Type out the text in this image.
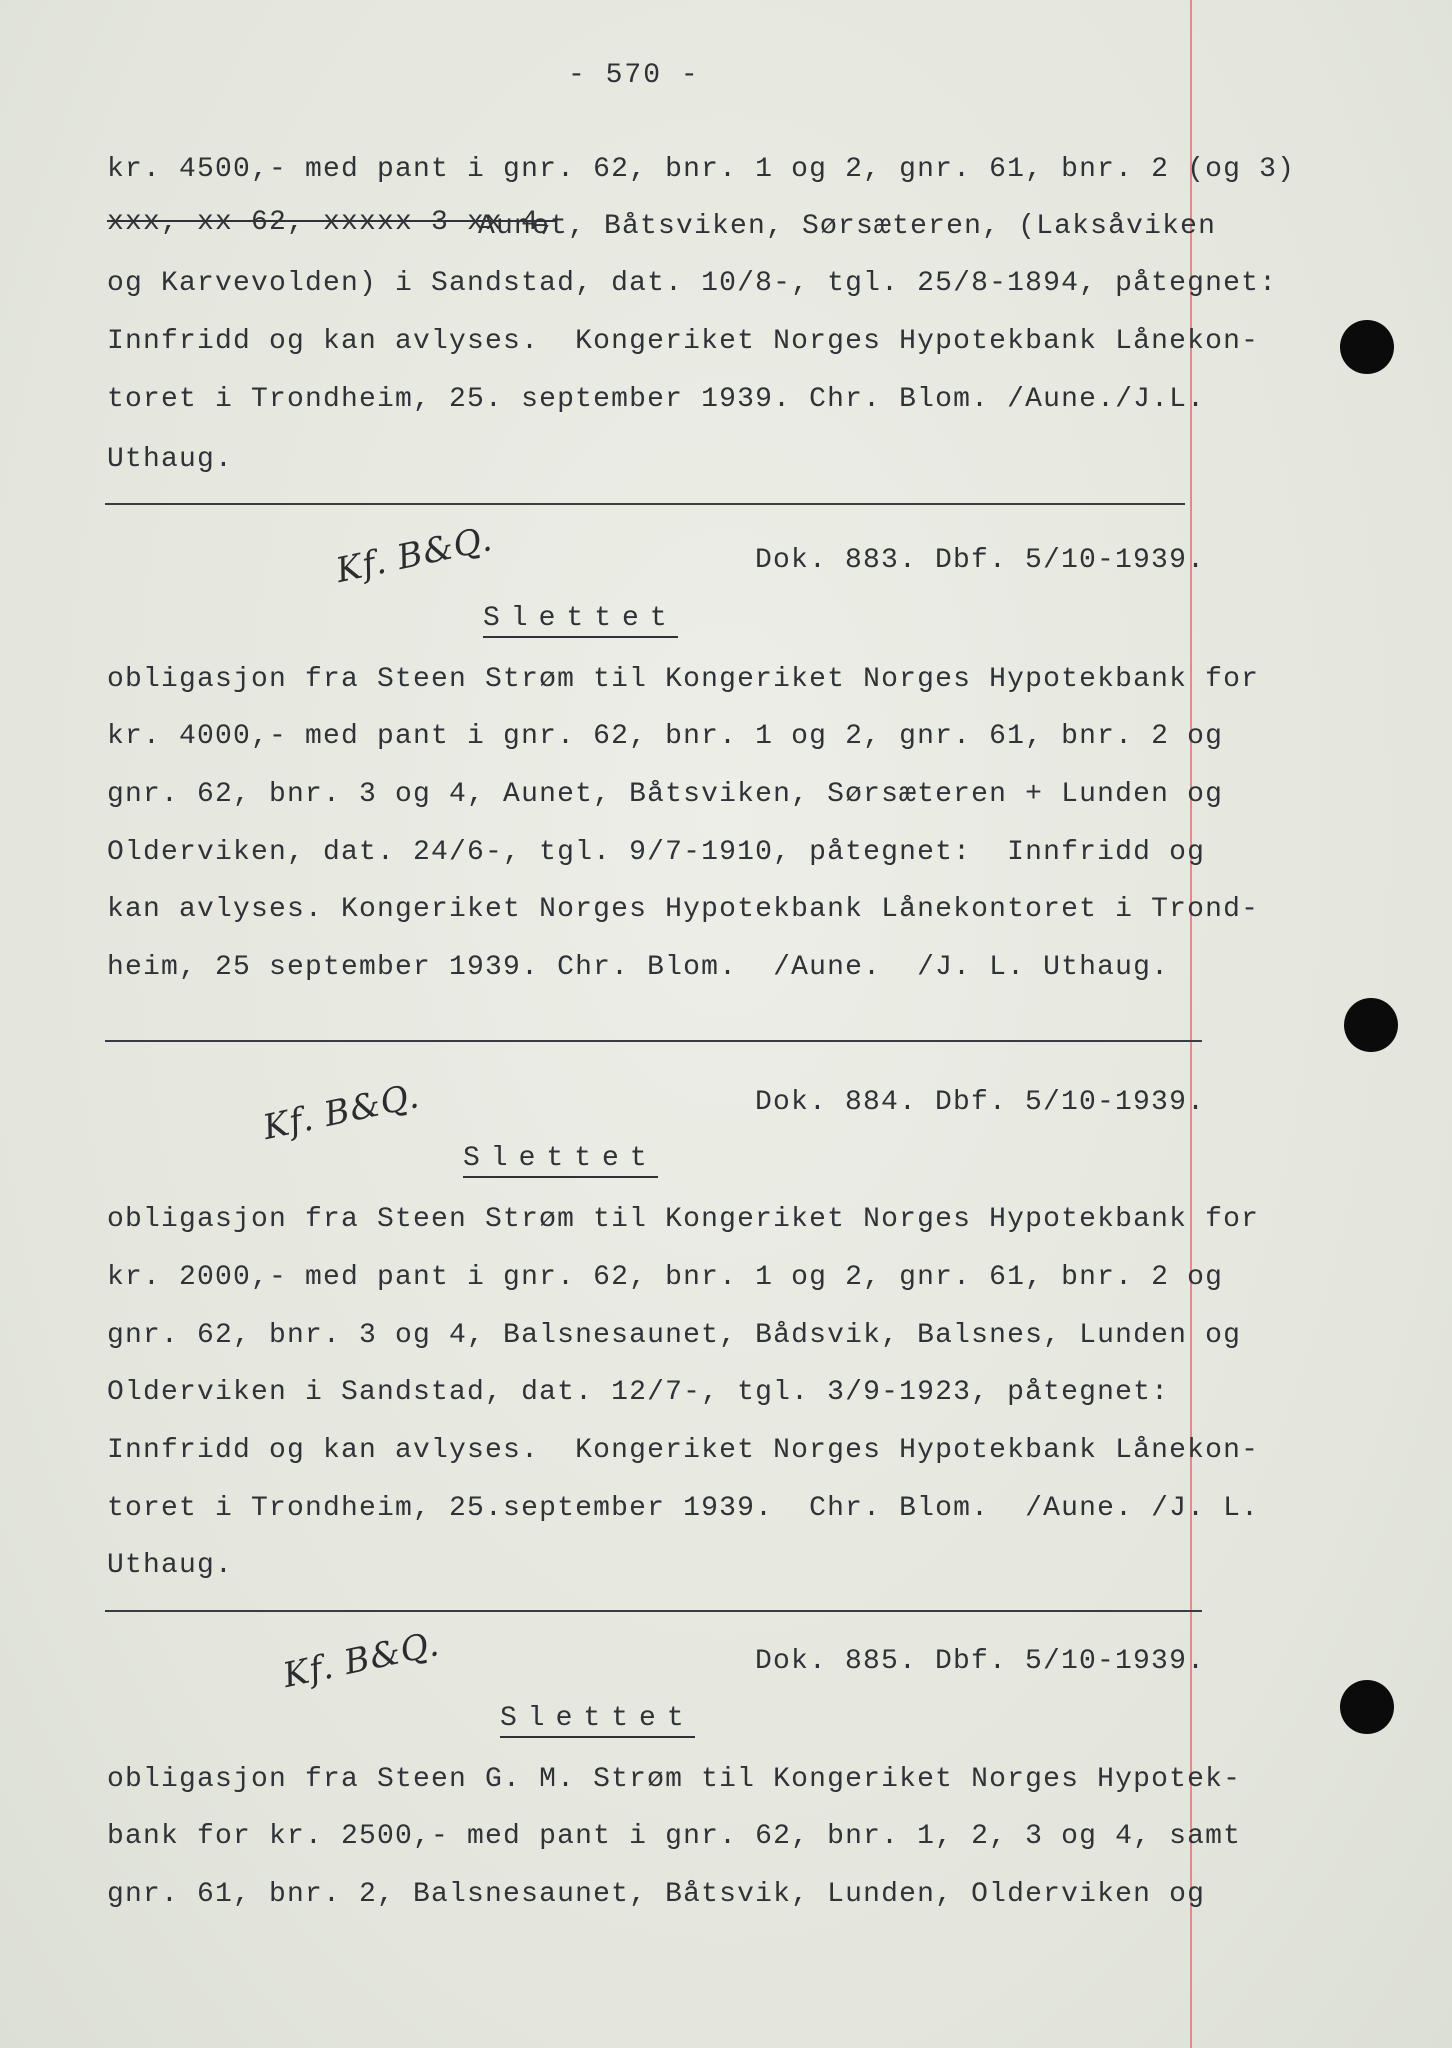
- 570 -
kr. 4500,- med pant i gnr. 62, bnr. 1 og 2, gnr. 61, bnr. 2 (og 3)
xxx, xx 62, xxxxx 3 xx 4,
Aunet, Båtsviken, Sørsæteren, (Laksåviken
og Karvevolden) i Sandstad, dat. 10/8-, tgl. 25/8-1894, påtegnet:
Innfridd og kan avlyses.  Kongeriket Norges Hypotekbank Lånekon-
toret i Trondheim, 25. september 1939. Chr. Blom. /Aune./J.L.
Uthaug.
Kf. B&Q.	Dok. 883. Dbf. 5/10-1939.
Slettet
obligasjon fra Steen Strøm til Kongeriket Norges Hypotekbank for
kr. 4000,- med pant i gnr. 62, bnr. 1 og 2, gnr. 61, bnr. 2 og
gnr. 62, bnr. 3 og 4, Aunet, Båtsviken, Sørsæteren + Lunden og
Olderviken, dat. 24/6-, tgl. 9/7-1910, påtegnet:  Innfridd og
kan avlyses. Kongeriket Norges Hypotekbank Lånekontoret i Trond-
heim, 25 september 1939. Chr. Blom.  /Aune.  /J. L. Uthaug.
Kf. B&Q.	Dok. 884. Dbf. 5/10-1939.
Slettet
obligasjon fra Steen Strøm til Kongeriket Norges Hypotekbank for
kr. 2000,- med pant i gnr. 62, bnr. 1 og 2, gnr. 61, bnr. 2 og
gnr. 62, bnr. 3 og 4, Balsnesaunet, Bådsvik, Balsnes, Lunden og
Olderviken i Sandstad, dat. 12/7-, tgl. 3/9-1923, påtegnet:
Innfridd og kan avlyses.  Kongeriket Norges Hypotekbank Lånekon-
toret i Trondheim, 25.september 1939.  Chr. Blom.  /Aune. /J. L.
Uthaug.
Kf. B&Q.	Dok. 885. Dbf. 5/10-1939.
Slettet
obligasjon fra Steen G. M. Strøm til Kongeriket Norges Hypotek-
bank for kr. 2500,- med pant i gnr. 62, bnr. 1, 2, 3 og 4, samt
gnr. 61, bnr. 2, Balsnesaunet, Båtsvik, Lunden, Olderviken og
